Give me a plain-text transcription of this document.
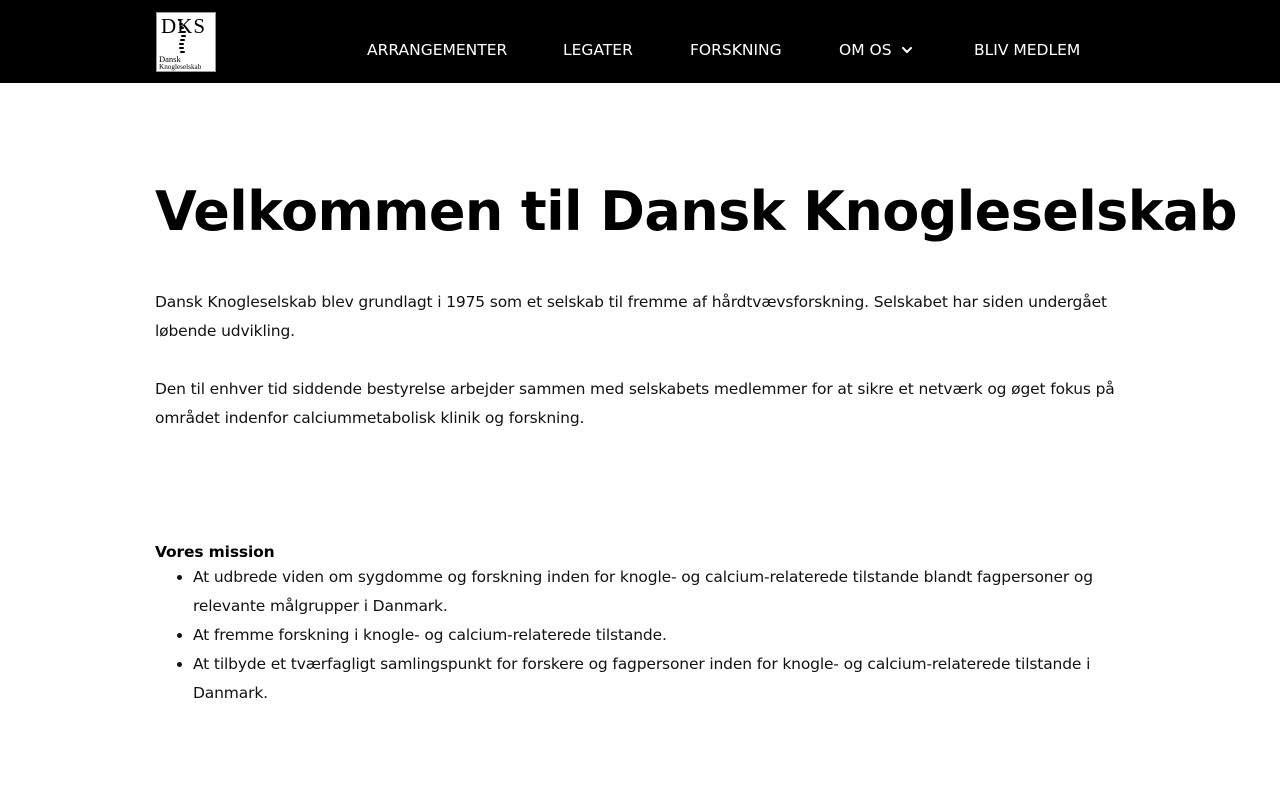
DKS
Dansk
Knogleselskab
ARRANGEMENTER	LEGATER	FORSKNING	OM OS	BLIV MEDLEM
Velkommen til Dansk Knogleselskab

Dansk Knogleselskab blev grundlagt i 1975 som et selskab til fremme af hårdtvævsforskning. Selskabet har siden undergået løbende udvikling.

Den til enhver tid siddende bestyrelse arbejder sammen med selskabets medlemmer for at sikre et netværk og øget fokus på området indenfor calciummetabolisk klinik og forskning.

Vores mission
• At udbrede viden om sygdomme og forskning inden for knogle- og calcium-relaterede tilstande blandt fagpersoner og relevante målgrupper i Danmark.
• At fremme forskning i knogle- og calcium-relaterede tilstande.
• At tilbyde et tværfagligt samlingspunkt for forskere og fagpersoner inden for knogle- og calcium-relaterede tilstande i Danmark.
